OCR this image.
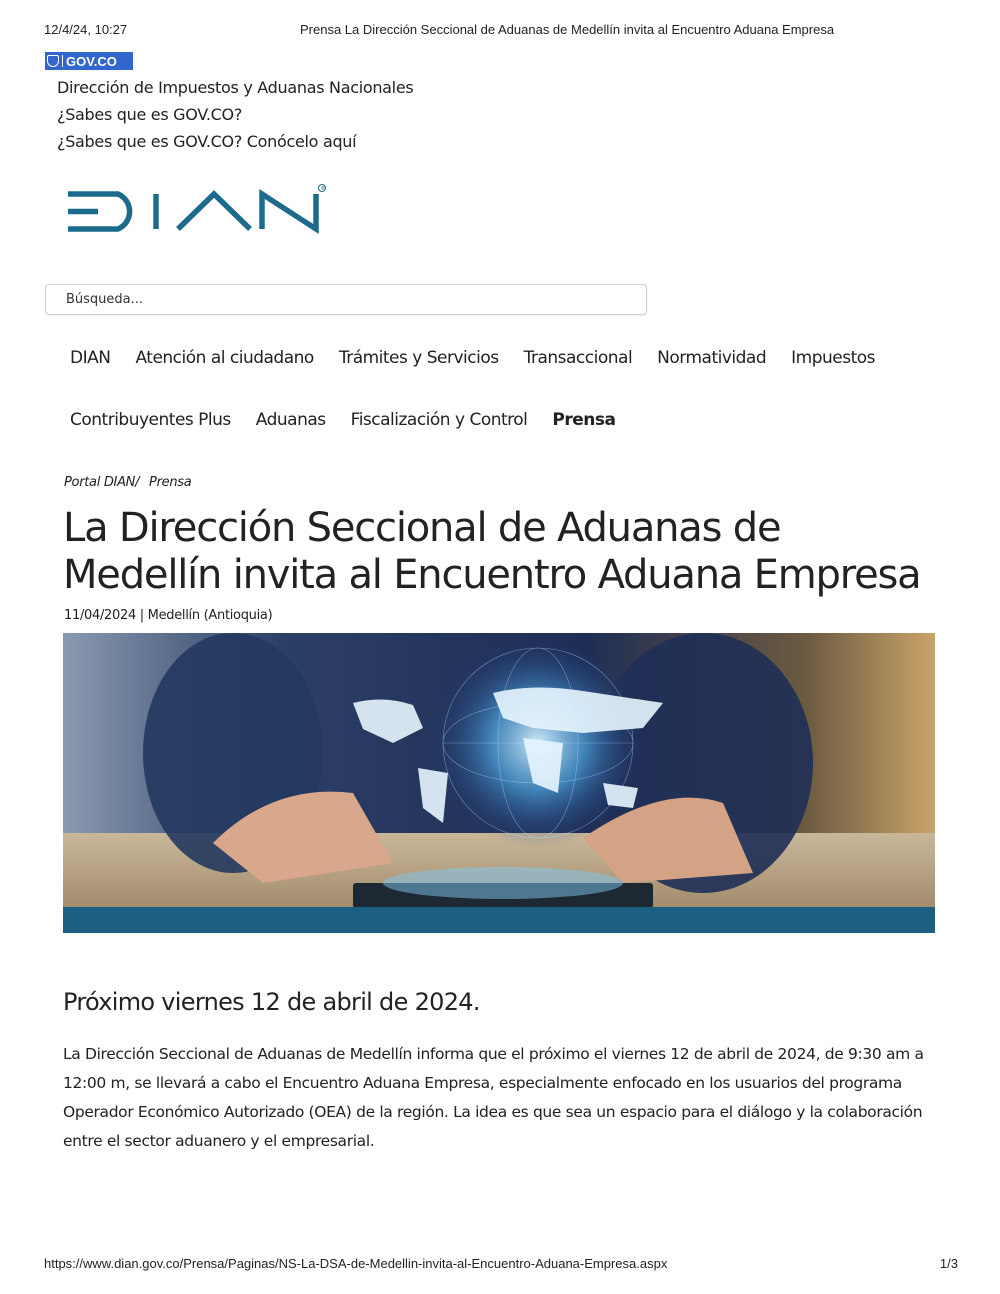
12/4/24, 10:27	Prensa La Dirección Seccional de Aduanas de Medellín invita al Encuentro Aduana Empresa
GOV.CO
Dirección de Impuestos y Aduanas Nacionales
¿Sabes que es GOV.CO?
¿Sabes que es GOV.CO? Conócelo aquí
®
Búsqueda...
DIAN Atención al ciudadano Trámites y Servicios Transaccional Normatividad Impuestos
Contribuyentes Plus Aduanas Fiscalización y Control Prensa
Portal DIAN/ Prensa
La Dirección Seccional de Aduanas de Medellín invita al Encuentro Aduana Empresa
11/04/2024 | Medellín (Antioquia)
Próximo viernes 12 de abril de 2024.

La Dirección Seccional de Aduanas de Medellín informa que el próximo el viernes 12 de abril de 2024, de 9:30 am a 12:00 m, se llevará a cabo el Encuentro Aduana Empresa, especialmente enfocado en los usuarios del programa Operador Económico Autorizado (OEA) de la región. La idea es que sea un espacio para el diálogo y la colaboración entre el sector aduanero y el empresarial.

https://www.dian.gov.co/Prensa/Paginas/NS-La-DSA-de-Medellin-invita-al-Encuentro-Aduana-Empresa.aspx	1/3
